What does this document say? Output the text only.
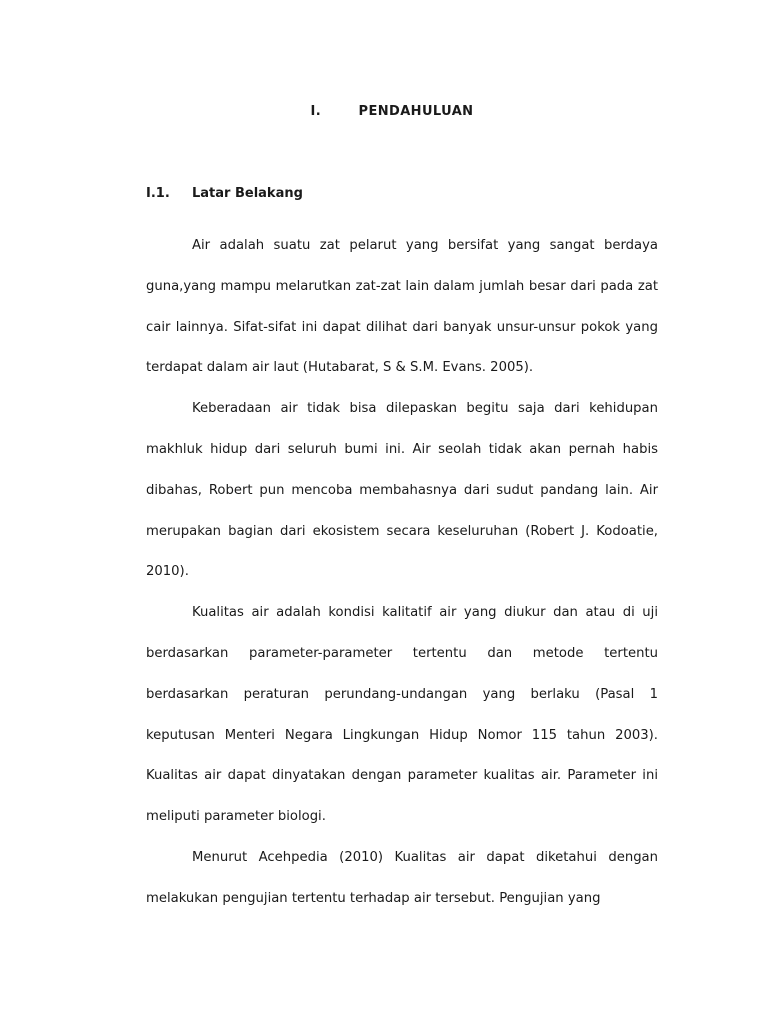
I.	PENDAHULUAN
I.1. Latar Belakang

Air adalah suatu zat pelarut yang bersifat yang sangat berdaya guna,yang mampu melarutkan zat-zat lain dalam jumlah besar dari pada zat cair lainnya. Sifat-sifat ini dapat dilihat dari banyak unsur-unsur pokok yang terdapat dalam air laut (Hutabarat, S & S.M. Evans. 2005).

Keberadaan air tidak bisa dilepaskan begitu saja dari kehidupan makhluk hidup dari seluruh bumi ini. Air seolah tidak akan pernah habis dibahas, Robert pun mencoba membahasnya dari sudut pandang lain. Air merupakan bagian dari ekosistem secara keseluruhan (Robert J. Kodoatie, 2010).

Kualitas air adalah kondisi kalitatif air yang diukur dan atau di uji berdasarkan parameter-parameter tertentu dan metode tertentu berdasarkan peraturan perundang-undangan yang berlaku (Pasal 1 keputusan Menteri Negara Lingkungan Hidup Nomor 115 tahun 2003). Kualitas air dapat dinyatakan dengan parameter kualitas air. Parameter ini meliputi parameter biologi.

Menurut Acehpedia (2010) Kualitas air dapat diketahui dengan melakukan pengujian tertentu terhadap air tersebut. Pengujian yang
